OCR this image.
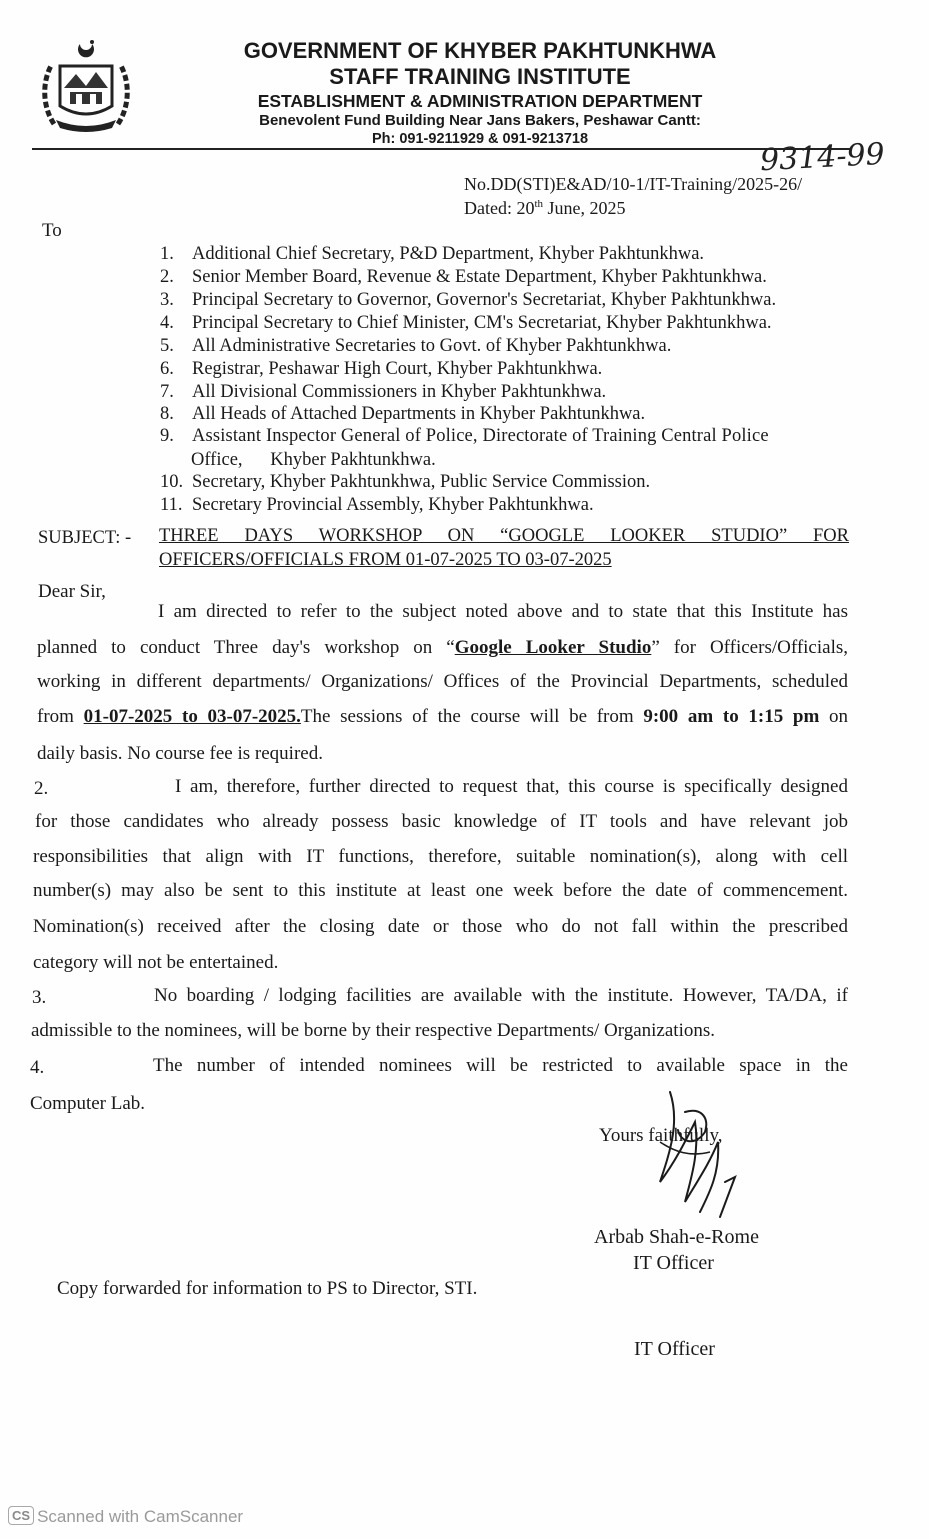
GOVERNMENT OF KHYBER PAKHTUNKHWA
STAFF TRAINING INSTITUTE
ESTABLISHMENT & ADMINISTRATION DEPARTMENT
Benevolent Fund Building Near Jans Bakers, Peshawar Cantt:
Ph: 091-9211929 & 091-9213718
No.DD(STI)E&AD/10-1/IT-Training/2025-26/
9314-99
Dated: 20th June, 2025
To
1. Additional Chief Secretary, P&D Department, Khyber Pakhtunkhwa.
2. Senior Member Board, Revenue & Estate Department, Khyber Pakhtunkhwa.
3. Principal Secretary to Governor, Governor's Secretariat, Khyber Pakhtunkhwa.
4. Principal Secretary to Chief Minister, CM's Secretariat, Khyber Pakhtunkhwa.
5. All Administrative Secretaries to Govt. of Khyber Pakhtunkhwa.
6. Registrar, Peshawar High Court, Khyber Pakhtunkhwa.
7. All Divisional Commissioners in Khyber Pakhtunkhwa.
8. All Heads of Attached Departments in Khyber Pakhtunkhwa.
9. Assistant Inspector General of Police, Directorate of Training Central Police
Office,      Khyber Pakhtunkhwa.
10. Secretary, Khyber Pakhtunkhwa, Public Service Commission.
11. Secretary Provincial Assembly, Khyber Pakhtunkhwa.
SUBJECT: - THREE DAYS WORKSHOP ON “GOOGLE LOOKER STUDIO” FOR
OFFICERS/OFFICIALS FROM 01-07-2025 TO 03-07-2025
Dear Sir,
I am directed to refer to the subject noted above and to state that this Institute has
planned to conduct Three day's workshop on “Google Looker Studio” for Officers/Officials,
working in different departments/ Organizations/ Offices of the Provincial Departments, scheduled
from 01-07-2025 to 03-07-2025.The sessions of the course will be from 9:00 am to 1:15 pm on
daily basis. No course fee is required.
2.	I am, therefore, further directed to request that, this course is specifically designed
for those candidates who already possess basic knowledge of IT tools and have relevant job
responsibilities that align with IT functions, therefore, suitable nomination(s), along with cell
number(s) may also be sent to this institute at least one week before the date of commencement.
Nomination(s) received after the closing date or those who do not fall within the prescribed
category will not be entertained.
3.	No boarding / lodging facilities are available with the institute. However, TA/DA, if
admissible to the nominees, will be borne by their respective Departments/ Organizations.
4.	The number of intended nominees will be restricted to available space in the
Computer Lab.
Yours faithfully,
Arbab Shah-e-Rome
IT Officer
Copy forwarded for information to PS to Director, STI.
IT Officer
CS Scanned with CamScanner
